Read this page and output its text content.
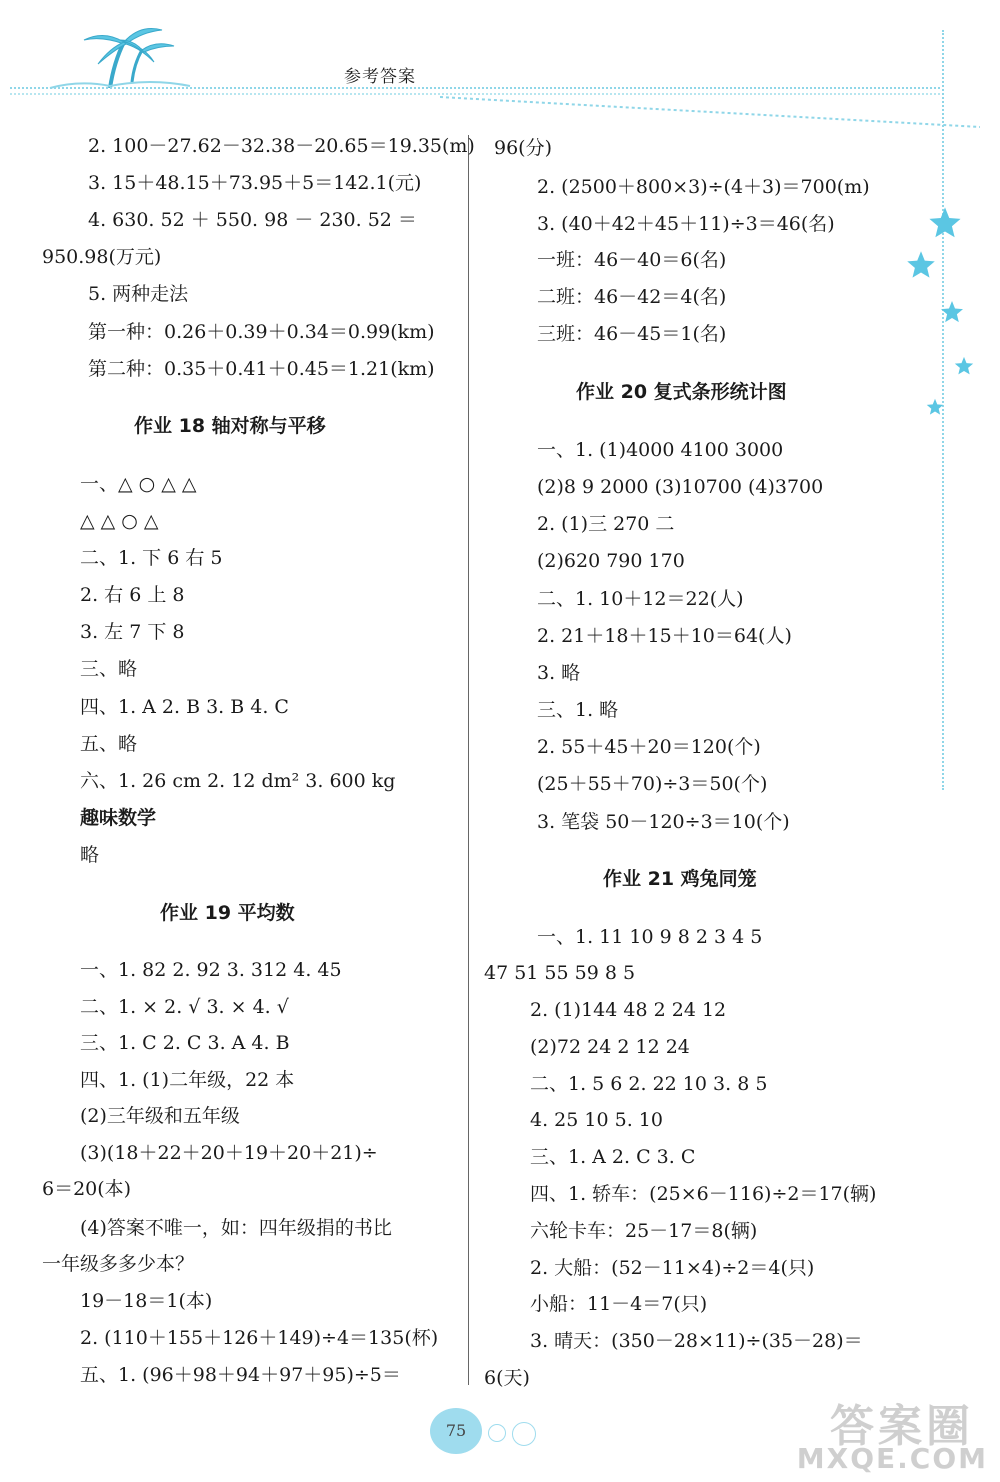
参考答案
2. 100－27.62－32.38－20.65＝19.35(m)
3. 15＋48.15＋73.95＋5＝142.1(元)
4. 630. 52 ＋ 550. 98 － 230. 52 ＝
950.98(万元)
5. 两种走法
第一种：0.26＋0.39＋0.34＝0.99(km)
第二种：0.35＋0.41＋0.45＝1.21(km)
作业 18 轴对称与平移
一、△ ○ △ △
△ △ ○ △
二、1. 下 6 右 5
2. 右 6 上 8
3. 左 7 下 8
三、略
四、1. A 2. B 3. B 4. C
五、略
六、1. 26 cm 2. 12 dm² 3. 600 kg
趣味数学
略
作业 19 平均数
一、1. 82 2. 92 3. 312 4. 45
二、1. × 2. √ 3. × 4. √
三、1. C 2. C 3. A 4. B
四、1. (1)二年级，22 本
(2)三年级和五年级
(3)(18＋22＋20＋19＋20＋21)÷
6＝20(本)
(4)答案不唯一，如：四年级捐的书比
一年级多多少本？
19－18＝1(本)
2. (110＋155＋126＋149)÷4＝135(杯)
五、1. (96＋98＋94＋97＋95)÷5＝
96(分)
2. (2500＋800×3)÷(4＋3)＝700(m)
3. (40＋42＋45＋11)÷3＝46(名)
一班：46－40＝6(名)
二班：46－42＝4(名)
三班：46－45＝1(名)
作业 20 复式条形统计图
一、1. (1)4000 4100 3000
(2)8 9 2000 (3)10700 (4)3700
2. (1)三 270 二
(2)620 790 170
二、1. 10＋12＝22(人)
2. 21＋18＋15＋10＝64(人)
3. 略
三、1. 略
2. 55＋45＋20＝120(个)
(25＋55＋70)÷3＝50(个)
3. 笔袋 50－120÷3＝10(个)
作业 21 鸡兔同笼
一、1. 11 10 9 8 2 3 4 5
47 51 55 59 8 5
2. (1)144 48 2 24 12
(2)72 24 2 12 24
二、1. 5 6 2. 22 10 3. 8 5
4. 25 10 5. 10
三、1. A 2. C 3. C
四、1. 轿车：(25×6－116)÷2＝17(辆)
六轮卡车：25－17＝8(辆)
2. 大船：(52－11×4)÷2＝4(只)
小船：11－4＝7(只)
3. 晴天：(350－28×11)÷(35－28)＝
6(天)
75	答案圈
MXQE.COM
